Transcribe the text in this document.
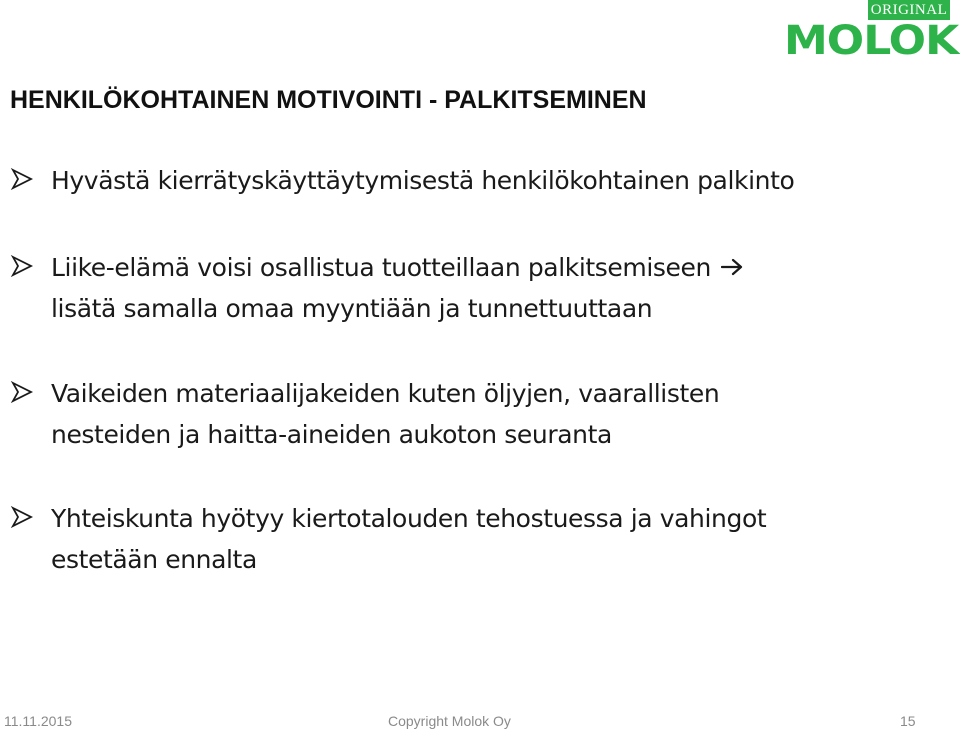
ORIGINAL
MOLOK
HENKILÖKOHTAINEN MOTIVOINTI - PALKITSEMINEN
Hyvästä kierrätyskäyttäytymisestä henkilökohtainen palkinto
Liike-elämä voisi osallistua tuotteillaan palkitsemiseen
lisätä samalla omaa myyntiään ja tunnettuuttaan
Vaikeiden materiaalijakeiden kuten öljyjen, vaarallisten
nesteiden ja haitta-aineiden aukoton seuranta
Yhteiskunta hyötyy kiertotalouden tehostuessa ja vahingot
estetään ennalta
11.11.2015	Copyright Molok Oy	15
